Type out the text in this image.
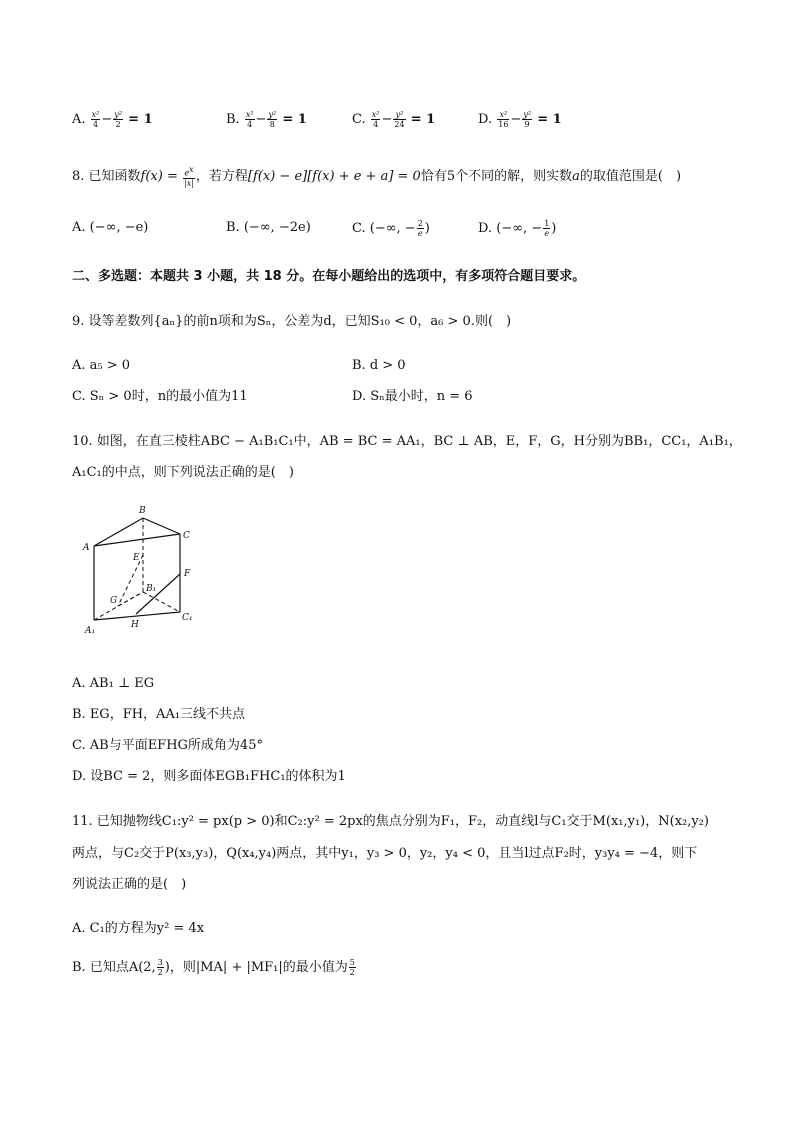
A. $\frac{\text{x²}}{4} - \frac{\text{y²}}{2} = 1$	B. $\frac{\text{x²}}{4} - \frac{\text{y²}}{8} = 1$	C. $\frac{\text{x²}}{4} - \frac{\text{y²}}{24} = 1$	D. $\frac{\text{x²}}{16} - \frac{\text{y²}}{9} = 1$
8. 已知函数$f(x) = \frac{e^x}{|x|}$ ，若方程[f(x) − e][f(x) + e + a] = 0恰有5个不同的解，则实数a的取值范围是(　)
A. (−∞, −e)	B. (−∞, −2e)	C. (−∞, − $\frac{2}{e}$ )	D. (−∞, − $\frac{1}{e}$ )
二、多选题：本题共 3 小题，共 18 分。在每小题给出的选项中，有多项符合题目要求。
9. 设等差数列{aₙ}的前n项和为Sₙ，公差为d，已知S₁₀ < 0，a₆ > 0.则(　)
A. a₅ > 0	B. d > 0
C. Sₙ > 0时，n的最小值为11	D. Sₙ最小时，n = 6
10. 如图，在直三棱柱ABC − A₁B₁C₁中，AB = BC = AA₁，BC ⊥ AB，E，F，G，H分别为BB₁，CC₁，A₁B₁，
A₁C₁的中点，则下列说法正确的是(　)
B
A
C
E
F
G
B₁
A₁
H
C₁
A. AB₁ ⊥ EG
B. EG，FH，AA₁三线不共点
C. AB与平面EFHG所成角为45°
D. 设BC = 2，则多面体EGB₁FHC₁的体积为1
11. 已知抛物线C₁:y² = px(p > 0)和C₂:y² = 2px的焦点分别为F₁，F₂，动直线l与C₁交于M(x₁,y₁)，N(x₂,y₂)
两点，与C₂交于P(x₃,y₃)，Q(x₄,y₄)两点，其中y₁，y₃ > 0，y₂，y₄ < 0，且当l过点F₂时，y₃y₄ = −4，则下
列说法正确的是(　)
A. C₁的方程为y² = 4x
B. 已知点A(2, $\frac{3}{2}$ )，则|MA| + |MF₁|的最小值为 $\frac{5}{2}$
